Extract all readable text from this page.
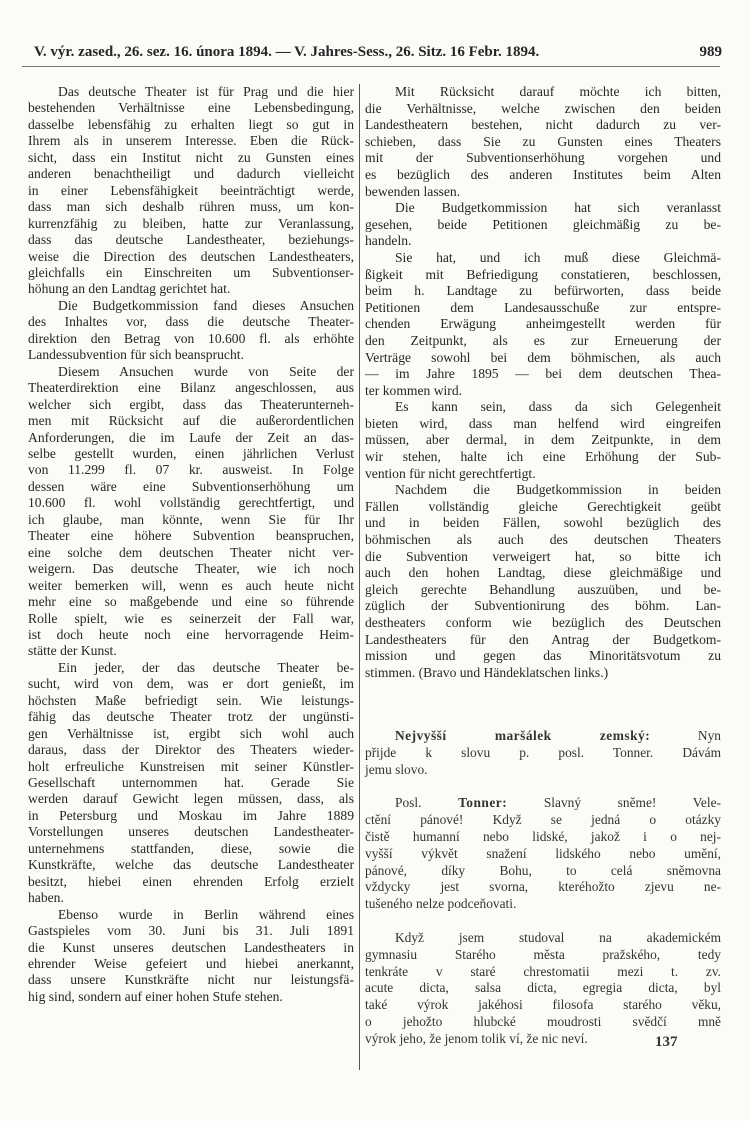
V. výr. zased., 26. sez. 16. února 1894. — V. Jahres-Sess., 26. Sitz. 16 Febr. 1894.	989
Das deutsche Theater ist für Prag und die hier
bestehenden Verhältnisse eine Lebensbedingung,
dasselbe lebensfähig zu erhalten liegt so gut in
Ihrem als in unserem Interesse. Eben die Rück-
sicht, dass ein Institut nicht zu Gunsten eines
anderen benachtheiligt und dadurch vielleicht
in einer Lebensfähigkeit beeinträchtigt werde,
dass man sich deshalb rühren muss, um kon-
kurrenzfähig zu bleiben, hatte zur Veranlassung,
dass das deutsche Landestheater, beziehungs-
weise die Direction des deutschen Landestheaters,
gleichfalls ein Einschreiten um Subventionser-
höhung an den Landtag gerichtet hat.
Die Budgetkommission fand dieses Ansuchen
des Inhaltes vor, dass die deutsche Theater-
direktion den Betrag von 10.600 fl. als erhöhte
Landessubvention für sich beansprucht.
Diesem Ansuchen wurde von Seite der
Theaterdirektion eine Bilanz angeschlossen, aus
welcher sich ergibt, dass das Theaterunterneh-
men mit Rücksicht auf die außerordentlichen
Anforderungen, die im Laufe der Zeit an das-
selbe gestellt wurden, einen jährlichen Verlust
von 11.299 fl. 07 kr. ausweist. In Folge
dessen wäre eine Subventionserhöhung um
10.600 fl. wohl vollständig gerechtfertigt, und
ich glaube, man könnte, wenn Sie für Ihr
Theater eine höhere Subvention beanspruchen,
eine solche dem deutschen Theater nicht ver-
weigern. Das deutsche Theater, wie ich noch
weiter bemerken will, wenn es auch heute nicht
mehr eine so maßgebende und eine so führende
Rolle spielt, wie es seinerzeit der Fall war,
ist doch heute noch eine hervorragende Heim-
stätte der Kunst.
Ein jeder, der das deutsche Theater be-
sucht, wird von dem, was er dort genießt, im
höchsten Maße befriedigt sein. Wie leistungs-
fähig das deutsche Theater trotz der ungünsti-
gen Verhältnisse ist, ergibt sich wohl auch
daraus, dass der Direktor des Theaters wieder-
holt erfreuliche Kunstreisen mit seiner Künstler-
Gesellschaft unternommen hat. Gerade Sie
werden darauf Gewicht legen müssen, dass, als
in Petersburg und Moskau im Jahre 1889
Vorstellungen unseres deutschen Landestheater-
unternehmens stattfanden, diese, sowie die
Kunstkräfte, welche das deutsche Landestheater
besitzt, hiebei einen ehrenden Erfolg erzielt
haben.
Ebenso wurde in Berlin während eines
Gastspieles vom 30. Juni bis 31. Juli 1891
die Kunst unseres deutschen Landestheaters in
ehrender Weise gefeiert und hiebei anerkannt,
dass unsere Kunstkräfte nicht nur leistungsfä-
hig sind, sondern auf einer hohen Stufe stehen.
Mit Rücksicht darauf möchte ich bitten,
die Verhältnisse, welche zwischen den beiden
Landestheatern bestehen, nicht dadurch zu ver-
schieben, dass Sie zu Gunsten eines Theaters
mit der Subventionserhöhung vorgehen und
es bezüglich des anderen Institutes beim Alten
bewenden lassen.
Die Budgetkommission hat sich veranlasst
gesehen, beide Petitionen gleichmäßig zu be-
handeln.
Sie hat, und ich muß diese Gleichmä-
ßigkeit mit Befriedigung constatieren, beschlossen,
beim h. Landtage zu befürworten, dass beide
Petitionen dem Landesausschuße zur entspre-
chenden Erwägung anheimgestellt werden für
den Zeitpunkt, als es zur Erneuerung der
Verträge sowohl bei dem böhmischen, als auch
— im Jahre 1895 — bei dem deutschen Thea-
ter kommen wird.
Es kann sein, dass da sich Gelegenheit
bieten wird, dass man helfend wird eingreifen
müssen, aber dermal, in dem Zeitpunkte, in dem
wir stehen, halte ich eine Erhöhung der Sub-
vention für nicht gerechtfertigt.
Nachdem die Budgetkommission in beiden
Fällen vollständig gleiche Gerechtigkeit geübt
und in beiden Fällen, sowohl bezüglich des
böhmischen als auch des deutschen Theaters
die Subvention verweigert hat, so bitte ich
auch den hohen Landtag, diese gleichmäßige und
gleich gerechte Behandlung auszuüben, und be-
züglich der Subventionirung des böhm. Lan-
destheaters conform wie bezüglich des Deutschen
Landestheaters für den Antrag der Budgetkom-
mission und gegen das Minoritätsvotum zu
stimmen. (Bravo und Händeklatschen links.)
Nejvyšší maršálek zemský: Nyn
přijde k slovu p. posl. Tonner. Dávám
jemu slovo.
Posl. Tonner: Slavný sněme! Vele-
ctění pánové! Když se jedná o otázky
čistě humanní nebo lidské, jakož i o nej-
vyšší výkvět snažení lidského nebo umění,
pánové, díky Bohu, to celá sněmovna
vždycky jest svorna, kteréhožto zjevu ne-
tušeného nelze podceňovati.
Když jsem studoval na akademickém
gymnasiu Starého města pražského, tedy
tenkráte v staré chrestomatii mezi t. zv.
acute dicta, salsa dicta, egregia dicta, byl
také výrok jakéhosi filosofa starého věku,
o jehožto hlubcké moudrosti svědčí mně
výrok jeho, že jenom tolik ví, že nic neví.	137
